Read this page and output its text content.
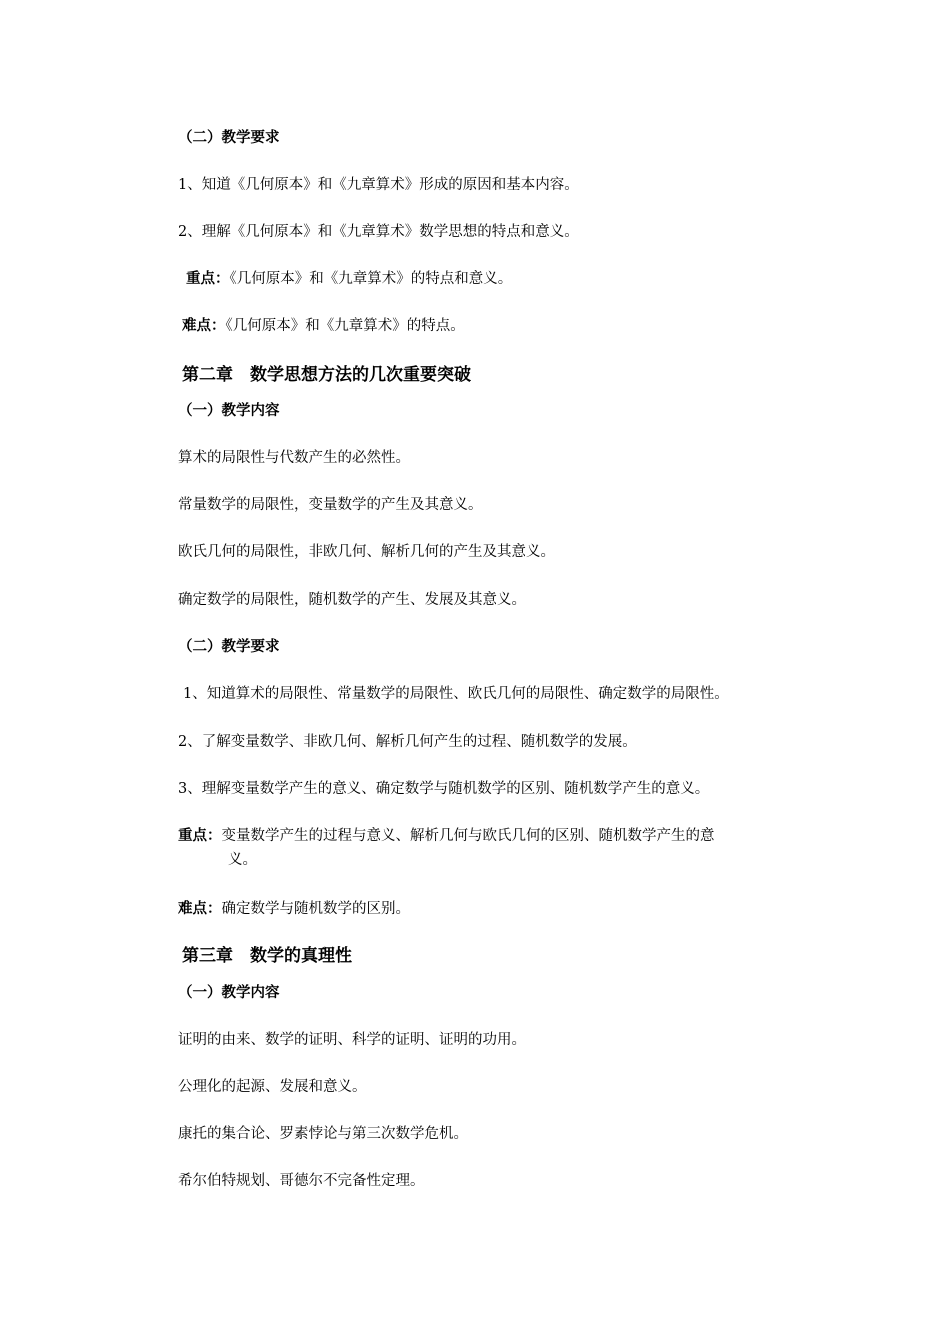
（二）教学要求
1、知道《几何原本》和《九章算术》形成的原因和基本内容。
2、理解《几何原本》和《九章算术》数学思想的特点和意义。
重点：《几何原本》和《九章算术》的特点和意义。
难点：《几何原本》和《九章算术》的特点。
第二章　数学思想方法的几次重要突破
（一）教学内容
算术的局限性与代数产生的必然性。
常量数学的局限性，变量数学的产生及其意义。
欧氏几何的局限性，非欧几何、解析几何的产生及其意义。
确定数学的局限性，随机数学的产生、发展及其意义。
（二）教学要求
1、知道算术的局限性、常量数学的局限性、欧氏几何的局限性、确定数学的局限性。
2、了解变量数学、非欧几何、解析几何产生的过程、随机数学的发展。
3、理解变量数学产生的意义、确定数学与随机数学的区别、随机数学产生的意义。
重点：变量数学产生的过程与意义、解析几何与欧氏几何的区别、随机数学产生的意
义。
难点：确定数学与随机数学的区别。
第三章　数学的真理性
（一）教学内容
证明的由来、数学的证明、科学的证明、证明的功用。
公理化的起源、发展和意义。
康托的集合论、罗素悖论与第三次数学危机。
希尔伯特规划、哥德尔不完备性定理。
